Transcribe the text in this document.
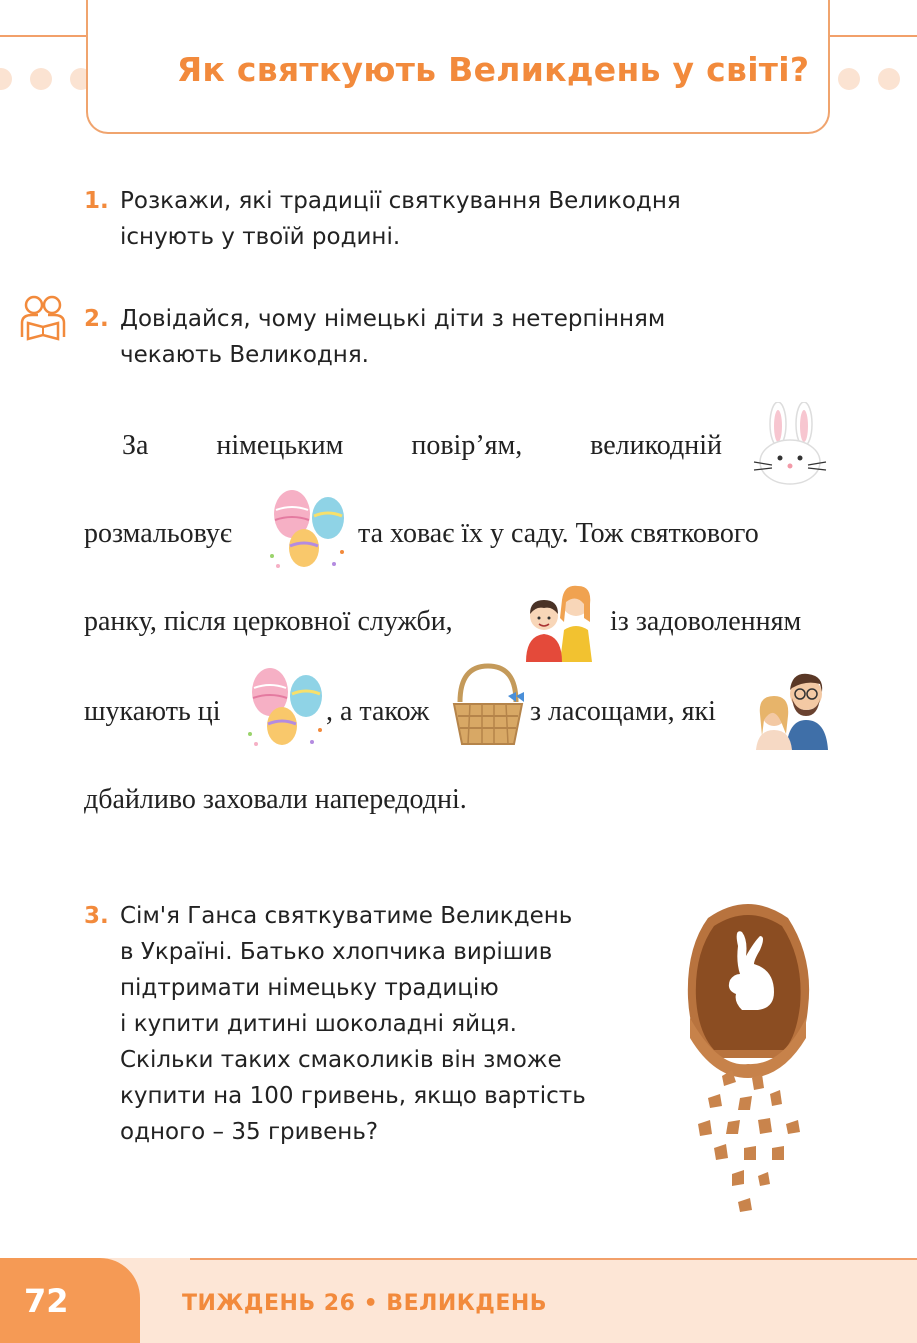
Як святкують Великдень у світі?
1. Розкажи, які традиції святкування Великодня
існують у твоїй родині.
2. Довідайся, чому німецькі діти з нетерпінням
чекають Великодня.
За німецьким повір’ям, великодній
розмальовує	та ховає їх у саду. Тож святкового
ранку, після церковної служби,	із задоволенням
шукають ці	, а також	з ласощами, які
дбайливо заховали напередодні.
3. Сім'я Ганса святкуватиме Великдень
в Україні. Батько хлопчика вирішив
підтримати німецьку традицію
і купити дитині шоколадні яйця.
Скільки таких смаколиків він зможе
купити на 100 гривень, якщо вартість
одного – 35 гривень?
72	ТИЖДЕНЬ 26 • ВЕЛИКДЕНЬ
